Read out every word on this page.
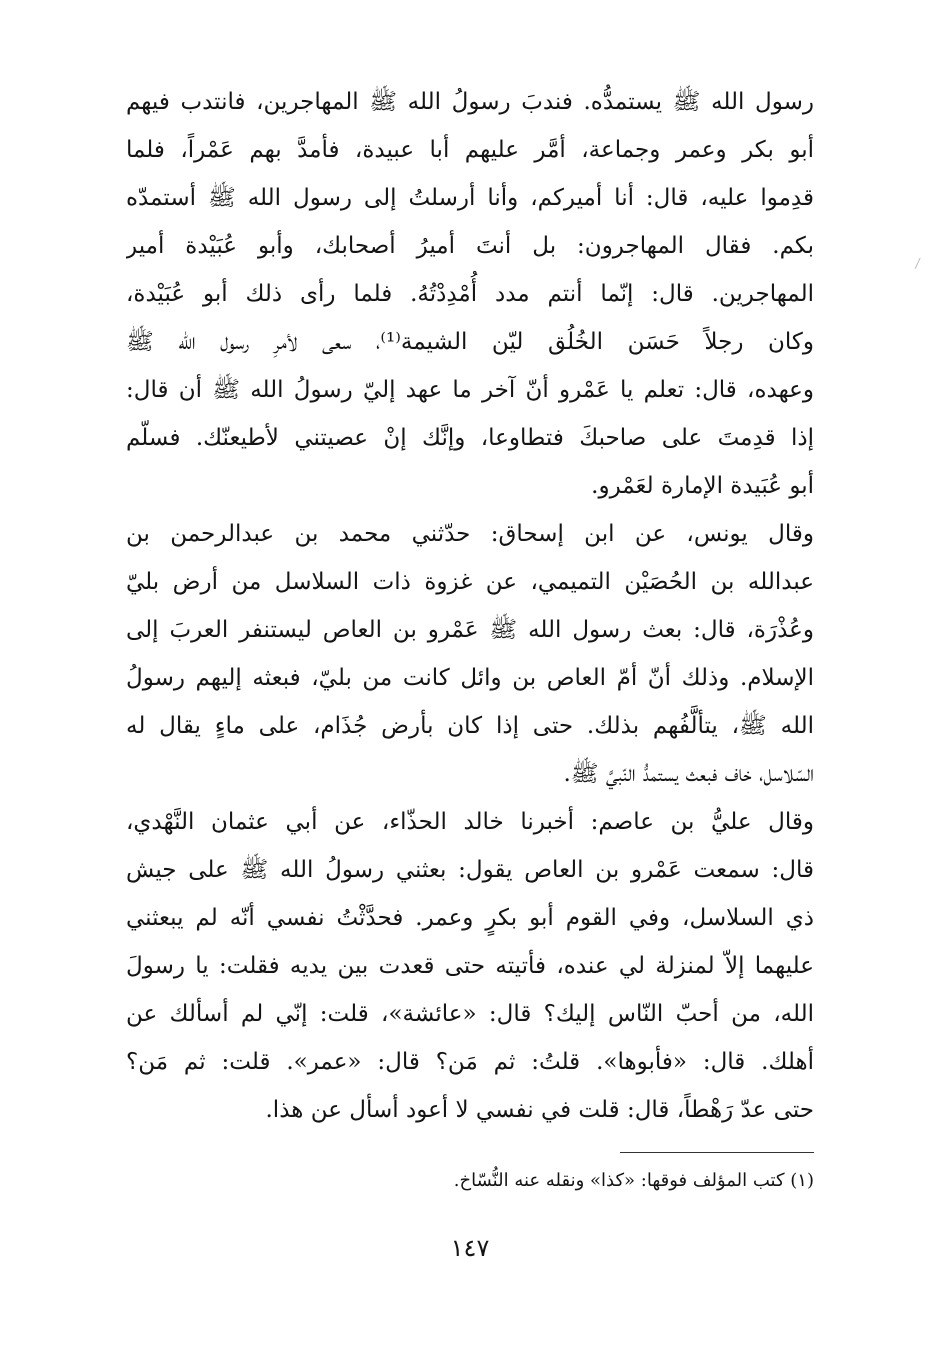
رسول الله ﷺ يستمدُّه. فندبَ رسولُ الله ﷺ المهاجرين، فانتدب فيهم
أبو بكر وعمر وجماعة، أمَّر عليهم أبا عبيدة، فأمدَّ بهم عَمْراً، فلما
قدِموا عليه، قال: أنا أميركم، وأنا أرسلتُ إلى رسول الله ﷺ أستمدّه
بكم. فقال المهاجرون: بل أنتَ أميرُ أصحابك، وأبو عُبَيْدة أمير
المهاجرين. قال: إنّما أنتم مدد أُمْدِدْتُهُ. فلما رأى ذلك أبو عُبَيْدة،
وكان رجلاً حَسَن الخُلُق ليّن الشيمة⁽¹⁾، سعى لأمرِ رسول الله ﷺ
وعهده، قال: تعلم يا عَمْرو أنّ آخر ما عهد إليّ رسولُ الله ﷺ أن قال:
إذا قدِمتَ على صاحبكَ فتطاوعا، وإنَّك إنْ عصيتني لأطيعنّك. فسلّم
أبو عُبَيدة الإمارة لعَمْرو.
وقال يونس، عن ابن إسحاق: حدّثني محمد بن عبدالرحمن بن
عبدالله بن الحُصَيْن التميمي، عن غزوة ذات السلاسل من أرض بليّ
وعُذْرَة، قال: بعث رسول الله ﷺ عَمْرو بن العاص ليستنفر العربَ إلى
الإسلام. وذلك أنّ أمّ العاص بن وائل كانت من بليّ، فبعثه إليهم رسولُ
الله ﷺ، يتألَّفُهم بذلك. حتى إذا كان بأرض جُذَام، على ماءٍ يقال له
السّلاسل، خاف فبعث يستمدُّ النّبيَّ ﷺ.
وقال عليُّ بن عاصم: أخبرنا خالد الحذّاء، عن أبي عثمان النَّهْدي،
قال: سمعت عَمْرو بن العاص يقول: بعثني رسولُ الله ﷺ على جيش
ذي السلاسل، وفي القوم أبو بكرٍ وعمر. فحدَّثْتُ نفسي أنّه لم يبعثني
عليهما إلاّ لمنزلة لي عنده، فأتيته حتى قعدت بين يديه فقلت: يا رسولَ
الله، من أحبّ النّاس إليك؟ قال: «عائشة»، قلت: إنّي لم أسألك عن
أهلك. قال: «فأبوها». قلتُ: ثم مَن؟ قال: «عمر». قلت: ثم مَن؟
حتى عدّ رَهْطاً، قال: قلت في نفسي لا أعود أسأل عن هذا.
(١) كتب المؤلف فوقها: «كذا» ونقله عنه النُّسّاخ.
١٤٧
